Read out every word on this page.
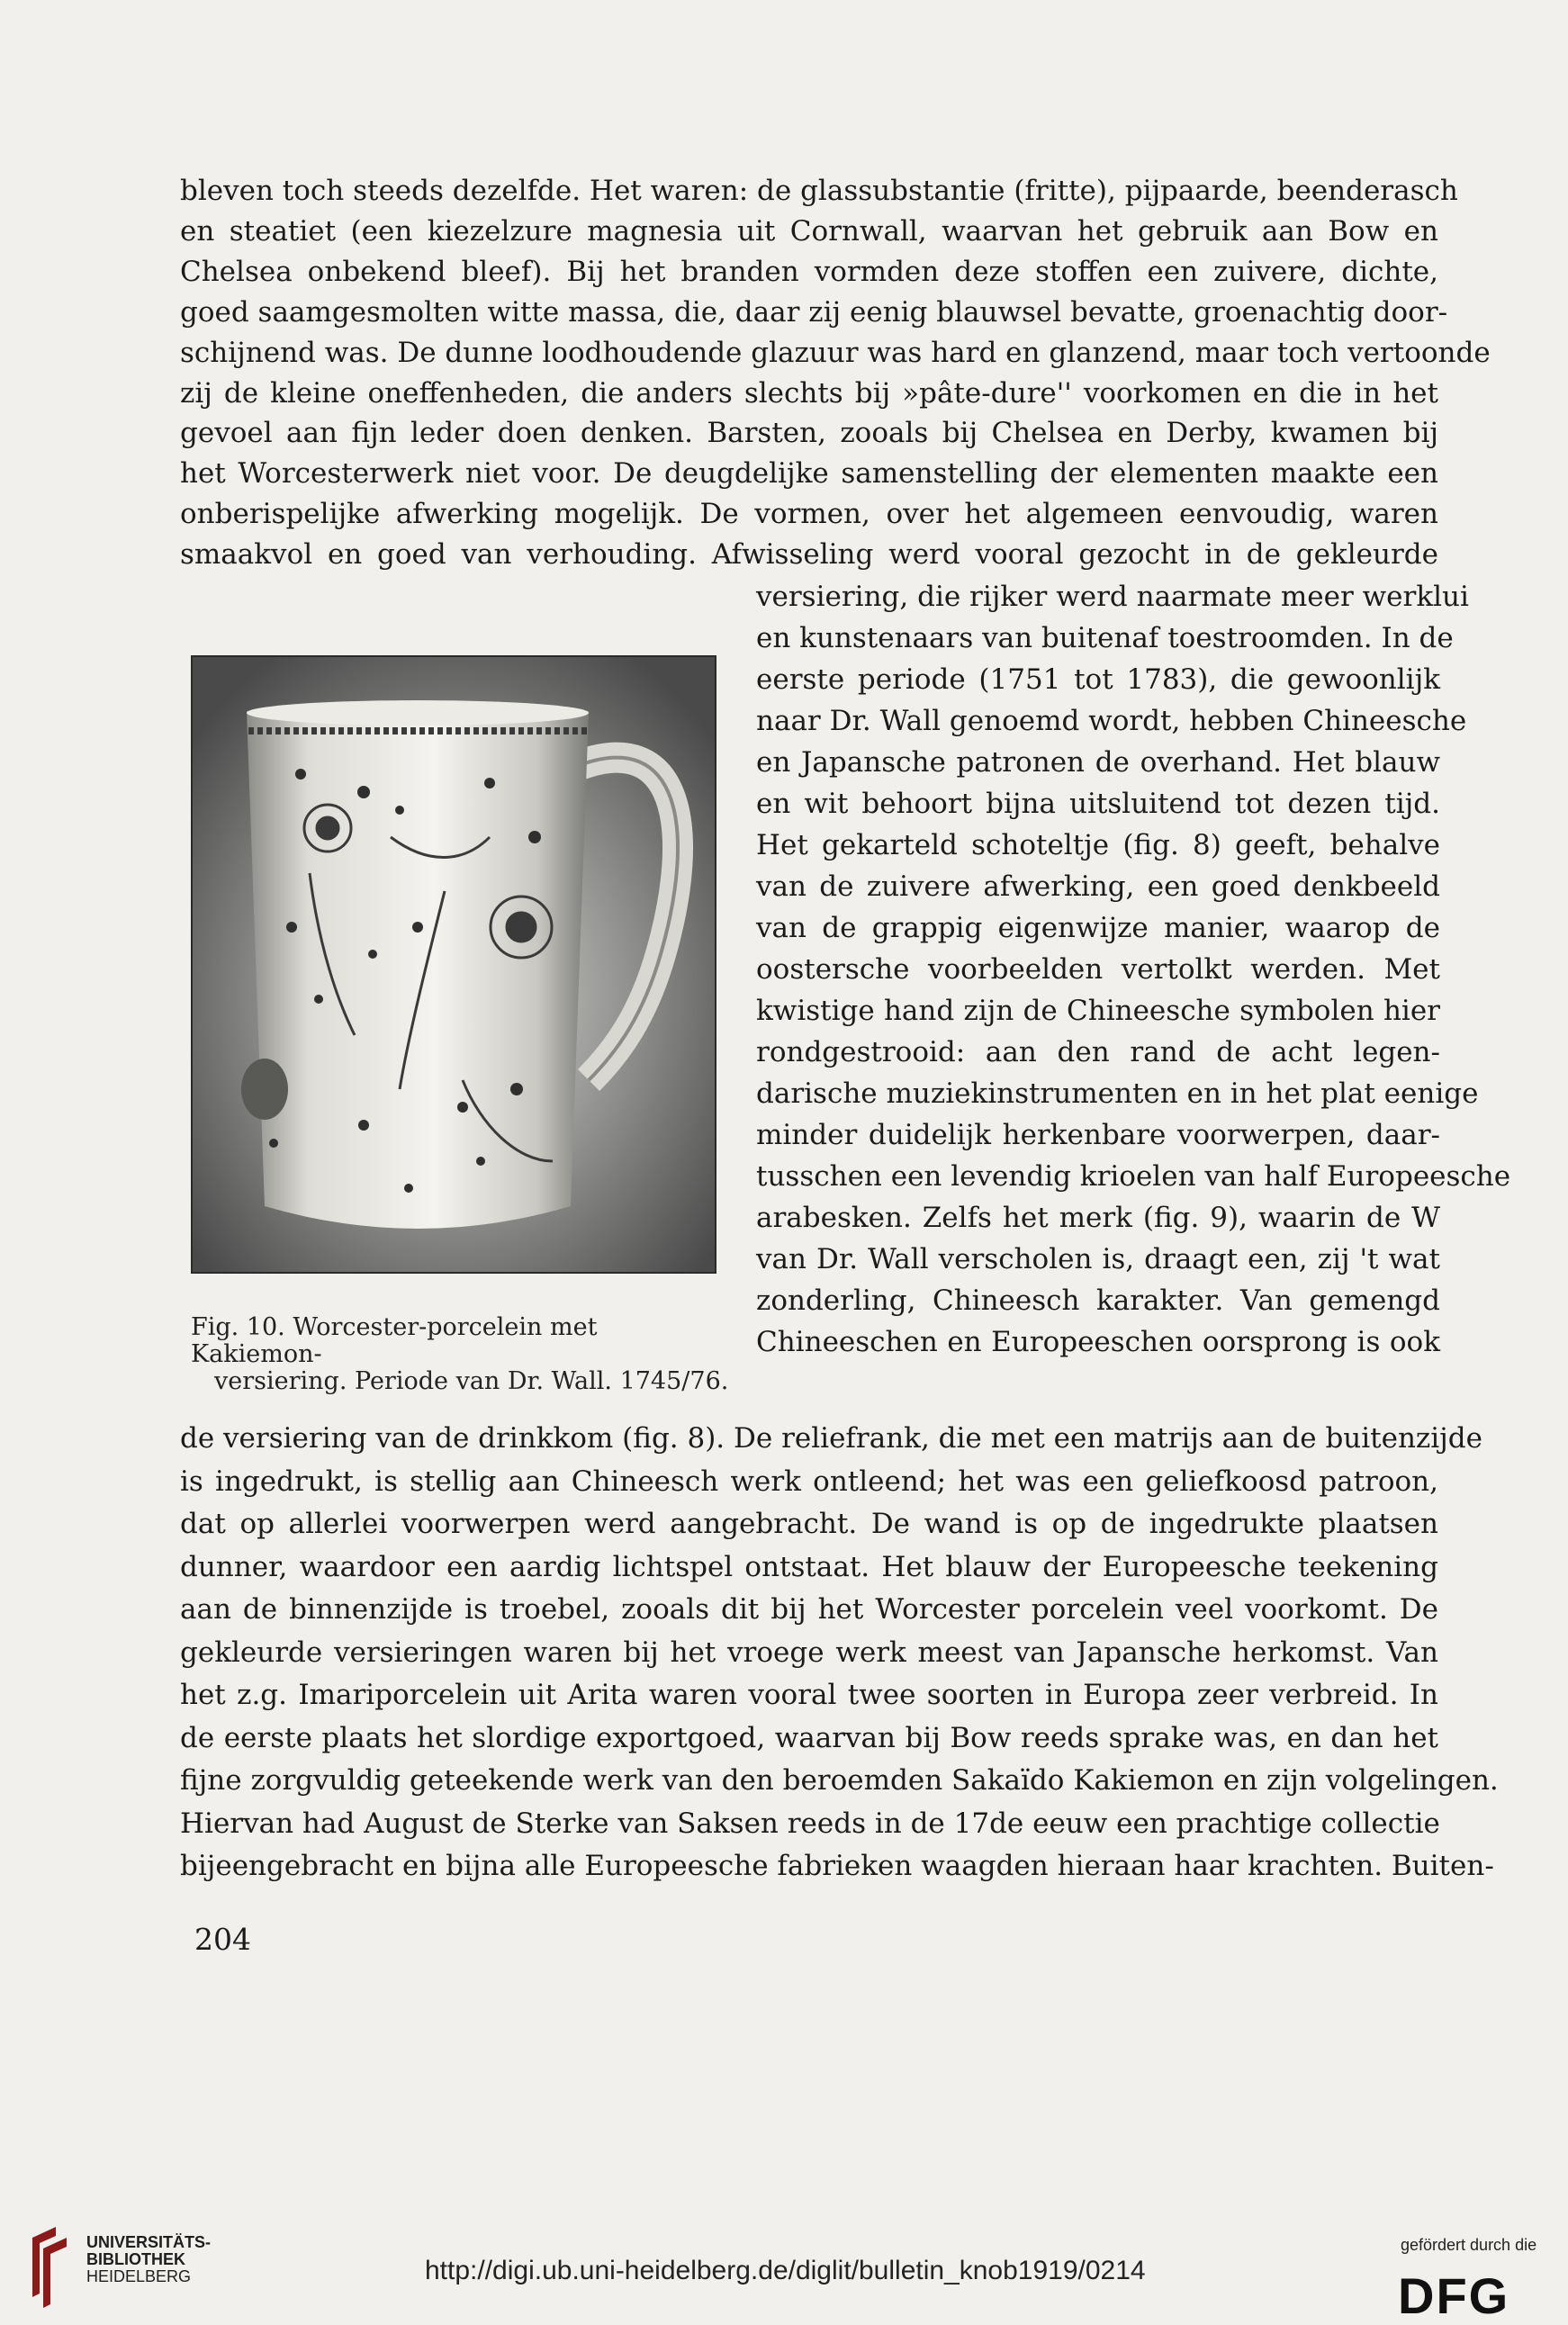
bleven toch steeds dezelfde. Het waren: de glassubstantie (fritte), pijpaarde, beenderasch
en steatiet (een kiezelzure magnesia uit Cornwall, waarvan het gebruik aan Bow en
Chelsea onbekend bleef). Bij het branden vormden deze stoffen een zuivere, dichte,
goed saamgesmolten witte massa, die, daar zij eenig blauwsel bevatte, groenachtig door-
schijnend was. De dunne loodhoudende glazuur was hard en glanzend, maar toch vertoonde
zij de kleine oneffenheden, die anders slechts bij »pâte-dure'' voorkomen en die in het
gevoel aan fijn leder doen denken. Barsten, zooals bij Chelsea en Derby, kwamen bij
het Worcesterwerk niet voor. De deugdelijke samenstelling der elementen maakte een
onberispelijke afwerking mogelijk. De vormen, over het algemeen eenvoudig, waren
smaakvol en goed van verhouding. Afwisseling werd vooral gezocht in de gekleurde
versiering, die rijker werd naarmate meer werklui
en kunstenaars van buitenaf toestroomden. In de
eerste periode (1751 tot 1783), die gewoonlijk
naar Dr. Wall genoemd wordt, hebben Chineesche
en Japansche patronen de overhand. Het blauw
en wit behoort bijna uitsluitend tot dezen tijd.
Het gekarteld schoteltje (fig. 8) geeft, behalve
van de zuivere afwerking, een goed denkbeeld
van de grappig eigenwijze manier, waarop de
oostersche voorbeelden vertolkt werden. Met
kwistige hand zijn de Chineesche symbolen hier
rondgestrooid: aan den rand de acht legen-
darische muziekinstrumenten en in het plat eenige
minder duidelijk herkenbare voorwerpen, daar-
tusschen een levendig krioelen van half Europeesche
arabesken. Zelfs het merk (fig. 9), waarin de W
van Dr. Wall verscholen is, draagt een, zij 't wat
zonderling, Chineesch karakter. Van gemengd
Chineeschen en Europeeschen oorsprong is ook
Fig. 10. Worcester-porcelein met Kakiemon-
versiering. Periode van Dr. Wall. 1745/76.
de versiering van de drinkkom (fig. 8). De reliefrank, die met een matrijs aan de buitenzijde
is ingedrukt, is stellig aan Chineesch werk ontleend; het was een geliefkoosd patroon,
dat op allerlei voorwerpen werd aangebracht. De wand is op de ingedrukte plaatsen
dunner, waardoor een aardig lichtspel ontstaat. Het blauw der Europeesche teekening
aan de binnenzijde is troebel, zooals dit bij het Worcester porcelein veel voorkomt. De
gekleurde versieringen waren bij het vroege werk meest van Japansche herkomst. Van
het z.g. Imariporcelein uit Arita waren vooral twee soorten in Europa zeer verbreid. In
de eerste plaats het slordige exportgoed, waarvan bij Bow reeds sprake was, en dan het
fijne zorgvuldig geteekende werk van den beroemden Sakaïdo Kakiemon en zijn volgelingen.
Hiervan had August de Sterke van Saksen reeds in de 17de eeuw een prachtige collectie
bijeengebracht en bijna alle Europeesche fabrieken waagden hieraan haar krachten. Buiten-
204
UNIVERSITÄTS-
BIBLIOTHEK
HEIDELBERG	http://digi.ub.uni-heidelberg.de/diglit/bulletin_knob1919/0214
gefördert durch die
DFG
